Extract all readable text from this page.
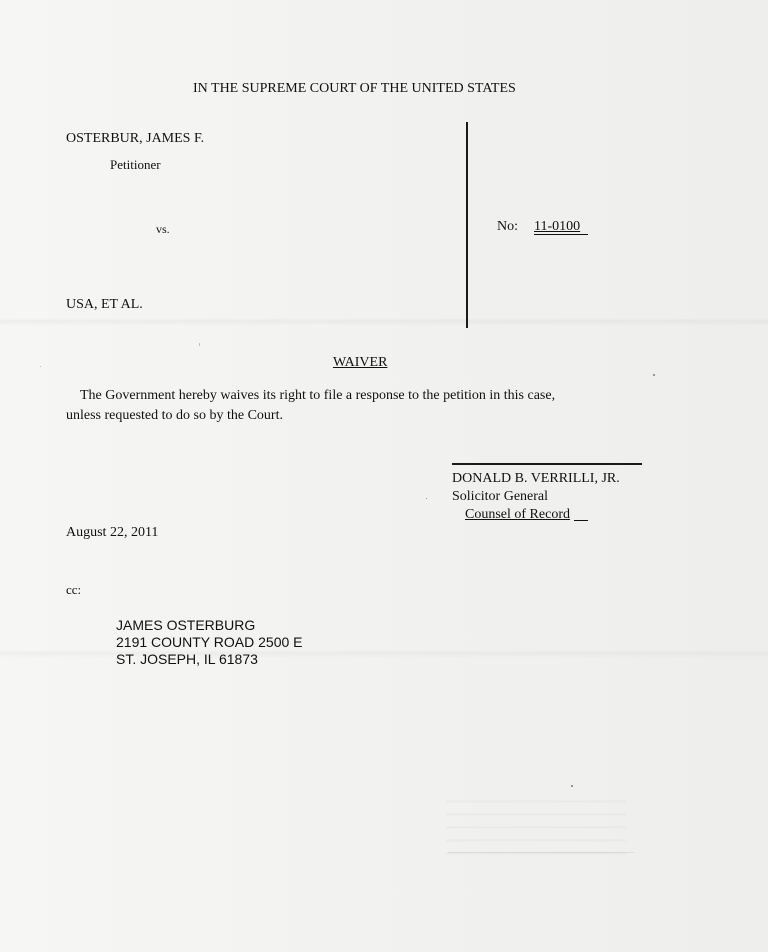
IN THE SUPREME COURT OF THE UNITED STATES
OSTERBUR, JAMES F.
Petitioner
vs.
USA, ET AL.
No: 11-0100
WAIVER
The Government hereby waives its right to file a response to the petition in this case,
unless requested to do so by the Court.
DONALD B. VERRILLI, JR.
Solicitor General
Counsel of Record
August 22, 2011
cc:
JAMES OSTERBURG
2191 COUNTY ROAD 2500 E
ST. JOSEPH, IL 61873
